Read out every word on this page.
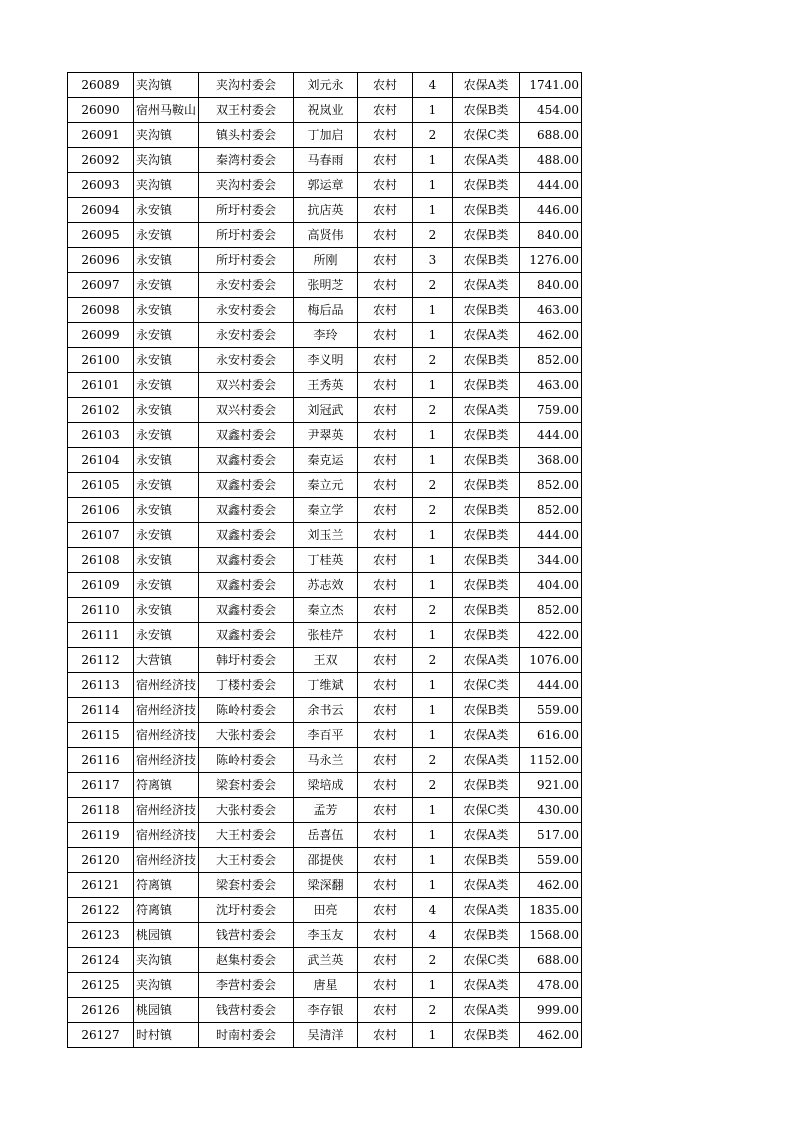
26089	夹沟镇	夹沟村委会	刘元永	农村	4	农保A类	1741.00
26090	宿州马鞍山	双王村委会	祝岚业	农村	1	农保B类	454.00
26091	夹沟镇	镇头村委会	丁加启	农村	2	农保C类	688.00
26092	夹沟镇	秦湾村委会	马春雨	农村	1	农保A类	488.00
26093	夹沟镇	夹沟村委会	郭运章	农村	1	农保B类	444.00
26094	永安镇	所圩村委会	抗店英	农村	1	农保B类	446.00
26095	永安镇	所圩村委会	高贤伟	农村	2	农保B类	840.00
26096	永安镇	所圩村委会	所刚	农村	3	农保B类	1276.00
26097	永安镇	永安村委会	张明芝	农村	2	农保A类	840.00
26098	永安镇	永安村委会	梅后品	农村	1	农保B类	463.00
26099	永安镇	永安村委会	李玲	农村	1	农保A类	462.00
26100	永安镇	永安村委会	李义明	农村	2	农保B类	852.00
26101	永安镇	双兴村委会	王秀英	农村	1	农保B类	463.00
26102	永安镇	双兴村委会	刘冠武	农村	2	农保A类	759.00
26103	永安镇	双鑫村委会	尹翠英	农村	1	农保B类	444.00
26104	永安镇	双鑫村委会	秦克运	农村	1	农保B类	368.00
26105	永安镇	双鑫村委会	秦立元	农村	2	农保B类	852.00
26106	永安镇	双鑫村委会	秦立学	农村	2	农保B类	852.00
26107	永安镇	双鑫村委会	刘玉兰	农村	1	农保B类	444.00
26108	永安镇	双鑫村委会	丁桂英	农村	1	农保B类	344.00
26109	永安镇	双鑫村委会	苏志效	农村	1	农保B类	404.00
26110	永安镇	双鑫村委会	秦立杰	农村	2	农保B类	852.00
26111	永安镇	双鑫村委会	张桂芹	农村	1	农保B类	422.00
26112	大营镇	韩圩村委会	王双	农村	2	农保A类	1076.00
26113	宿州经济技	丁楼村委会	丁维斌	农村	1	农保C类	444.00
26114	宿州经济技	陈岭村委会	余书云	农村	1	农保B类	559.00
26115	宿州经济技	大张村委会	李百平	农村	1	农保A类	616.00
26116	宿州经济技	陈岭村委会	马永兰	农村	2	农保A类	1152.00
26117	符离镇	梁套村委会	梁培成	农村	2	农保B类	921.00
26118	宿州经济技	大张村委会	孟芳	农村	1	农保C类	430.00
26119	宿州经济技	大王村委会	岳喜伍	农村	1	农保A类	517.00
26120	宿州经济技	大王村委会	邵提侠	农村	1	农保B类	559.00
26121	符离镇	梁套村委会	梁深翻	农村	1	农保A类	462.00
26122	符离镇	沈圩村委会	田亮	农村	4	农保A类	1835.00
26123	桃园镇	钱营村委会	李玉友	农村	4	农保B类	1568.00
26124	夹沟镇	赵集村委会	武兰英	农村	2	农保C类	688.00
26125	夹沟镇	李营村委会	唐星	农村	1	农保A类	478.00
26126	桃园镇	钱营村委会	李存银	农村	2	农保A类	999.00
26127	时村镇	时南村委会	吴清洋	农村	1	农保B类	462.00
